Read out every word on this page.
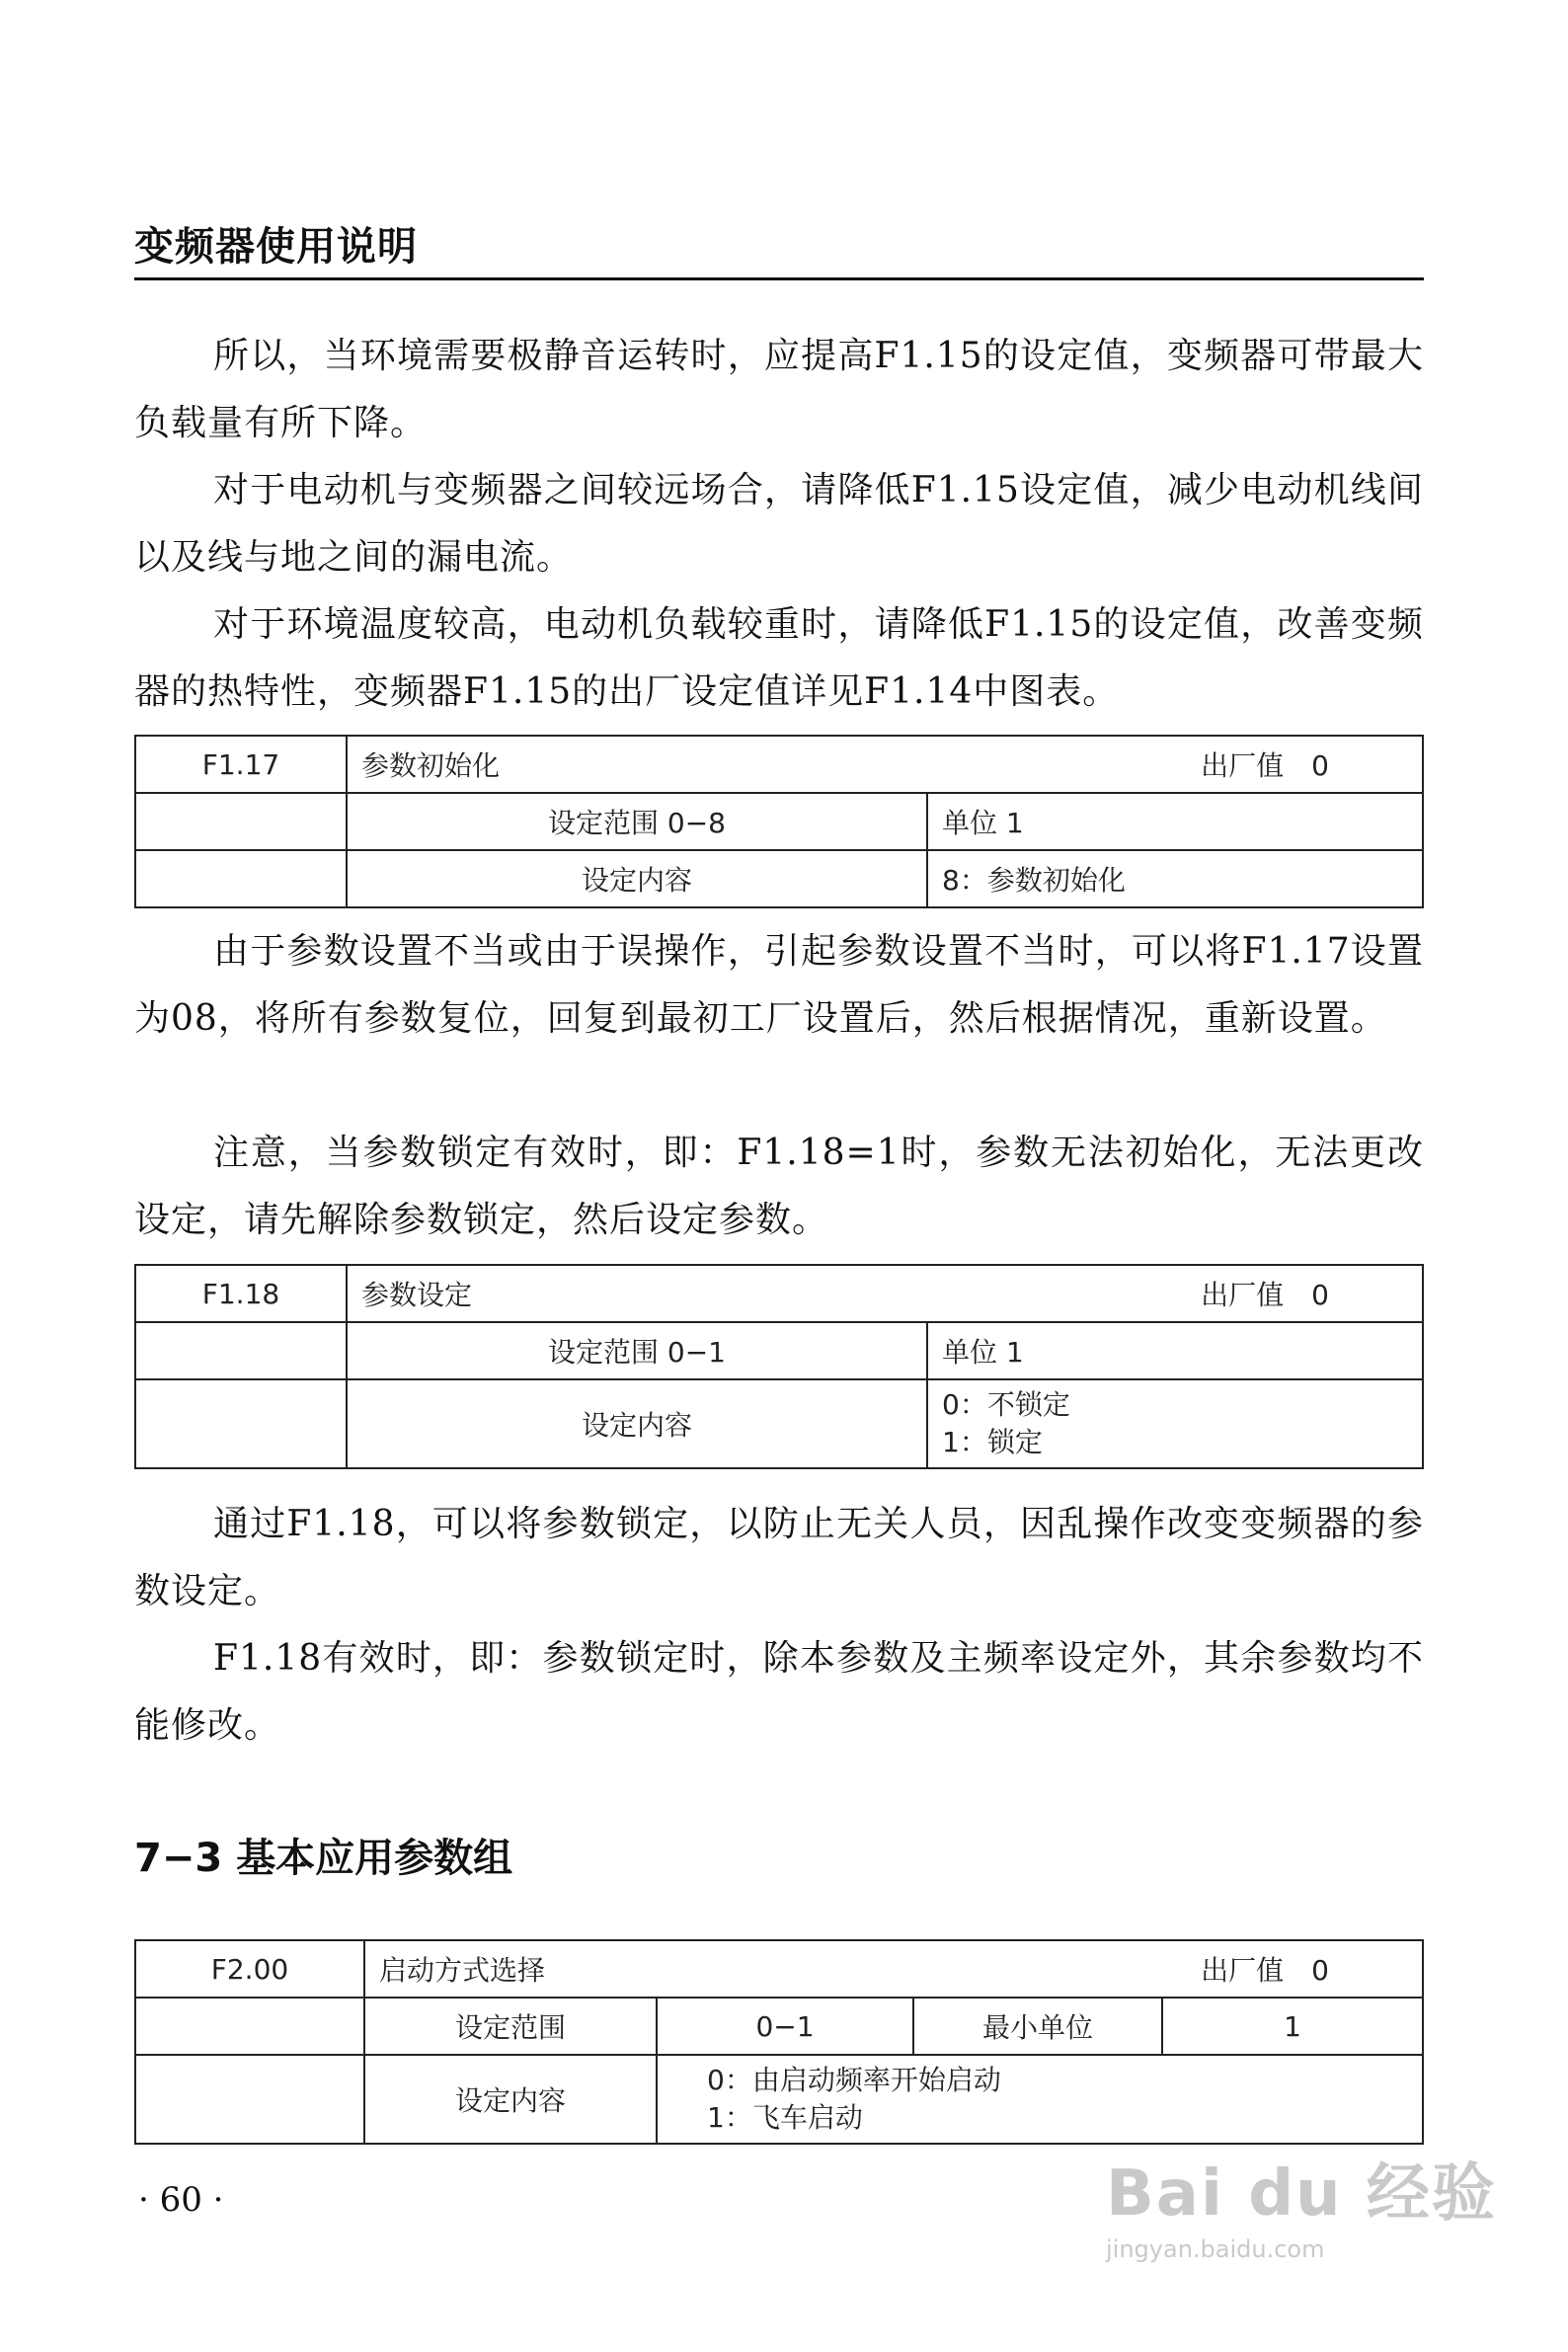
变频器使用说明

所以，当环境需要极静音运转时，应提高F1.15的设定值，变频器可带最大负载量有所下降。

对于电动机与变频器之间较远场合，请降低F1.15设定值，减少电动机线间以及线与地之间的漏电流。

对于环境温度较高，电动机负载较重时，请降低F1.15的设定值，改善变频器的热特性，变频器F1.15的出厂设定值详见F1.14中图表。

F1.17	参数初始化 出厂值 0	

	设定范围 0−8	单位 1
	设定内容	8：参数初始化

由于参数设置不当或由于误操作，引起参数设置不当时，可以将F1.17设置为08，将所有参数复位，回复到最初工厂设置后，然后根据情况，重新设置。

注意，当参数锁定有效时，即：F1.18=1时，参数无法初始化，无法更改设定，请先解除参数锁定，然后设定参数。

F1.18	参数设定 出厂值 0	

	设定范围 0−1	单位 1
	设定内容	0：不锁定
1：锁定

通过F1.18，可以将参数锁定，以防止无关人员，因乱操作改变变频器的参数设定。

F1.18有效时，即：参数锁定时，除本参数及主频率设定外，其余参数均不能修改。

7−3 基本应用参数组
F2.00	启动方式选择 出厂值 0			

	设定范围	0−1	最小单位	1
	设定内容	0：由启动频率开始启动
1：飞车启动		
· 60 ·	Bai du 经验
jingyan.baidu.com
